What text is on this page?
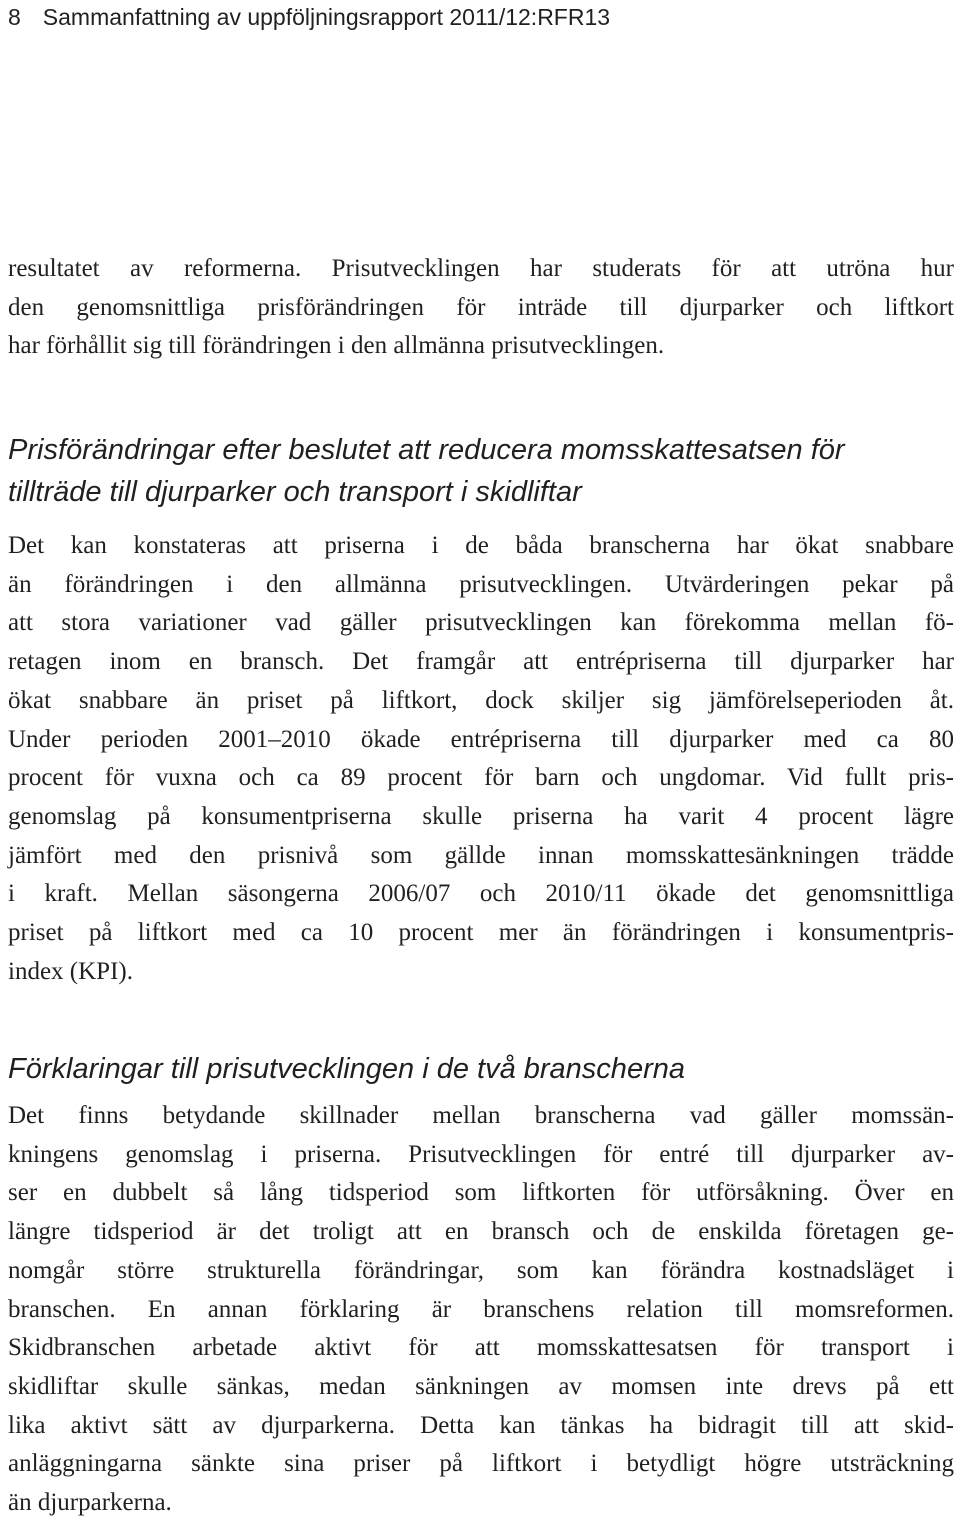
8 Sammanfattning av uppföljningsrapport 2011/12:RFR13

resultatet av reformerna. Prisutvecklingen har studerats för att utröna hur
den genomsnittliga prisförändringen för inträde till djurparker och liftkort
har förhållit sig till förändringen i den allmänna prisutvecklingen.

Prisförändringar efter beslutet att reducera momsskattesatsen för
tillträde till djurparker och transport i skidliftar

Det kan konstateras att priserna i de båda branscherna har ökat snabbare
än förändringen i den allmänna prisutvecklingen. Utvärderingen pekar på
att stora variationer vad gäller prisutvecklingen kan förekomma mellan fö-
retagen inom en bransch. Det framgår att entrépriserna till djurparker har
ökat snabbare än priset på liftkort, dock skiljer sig jämförelseperioden åt.
Under perioden 2001–2010 ökade entrépriserna till djurparker med ca 80
procent för vuxna och ca 89 procent för barn och ungdomar. Vid fullt pris-
genomslag på konsumentpriserna skulle priserna ha varit 4 procent lägre
jämfört med den prisnivå som gällde innan momsskattesänkningen trädde
i kraft. Mellan säsongerna 2006/07 och 2010/11 ökade det genomsnittliga
priset på liftkort med ca 10 procent mer än förändringen i konsumentpris-
index (KPI).

Förklaringar till prisutvecklingen i de två branscherna

Det finns betydande skillnader mellan branscherna vad gäller momssän-
kningens genomslag i priserna. Prisutvecklingen för entré till djurparker av-
ser en dubbelt så lång tidsperiod som liftkorten för utförsåkning. Över en
längre tidsperiod är det troligt att en bransch och de enskilda företagen ge-
nomgår större strukturella förändringar, som kan förändra kostnadsläget i
branschen. En annan förklaring är branschens relation till momsreformen.
Skidbranschen arbetade aktivt för att momsskattesatsen för transport i
skidliftar skulle sänkas, medan sänkningen av momsen inte drevs på ett
lika aktivt sätt av djurparkerna. Detta kan tänkas ha bidragit till att skid-
anläggningarna sänkte sina priser på liftkort i betydligt högre utsträckning
än djurparkerna.
